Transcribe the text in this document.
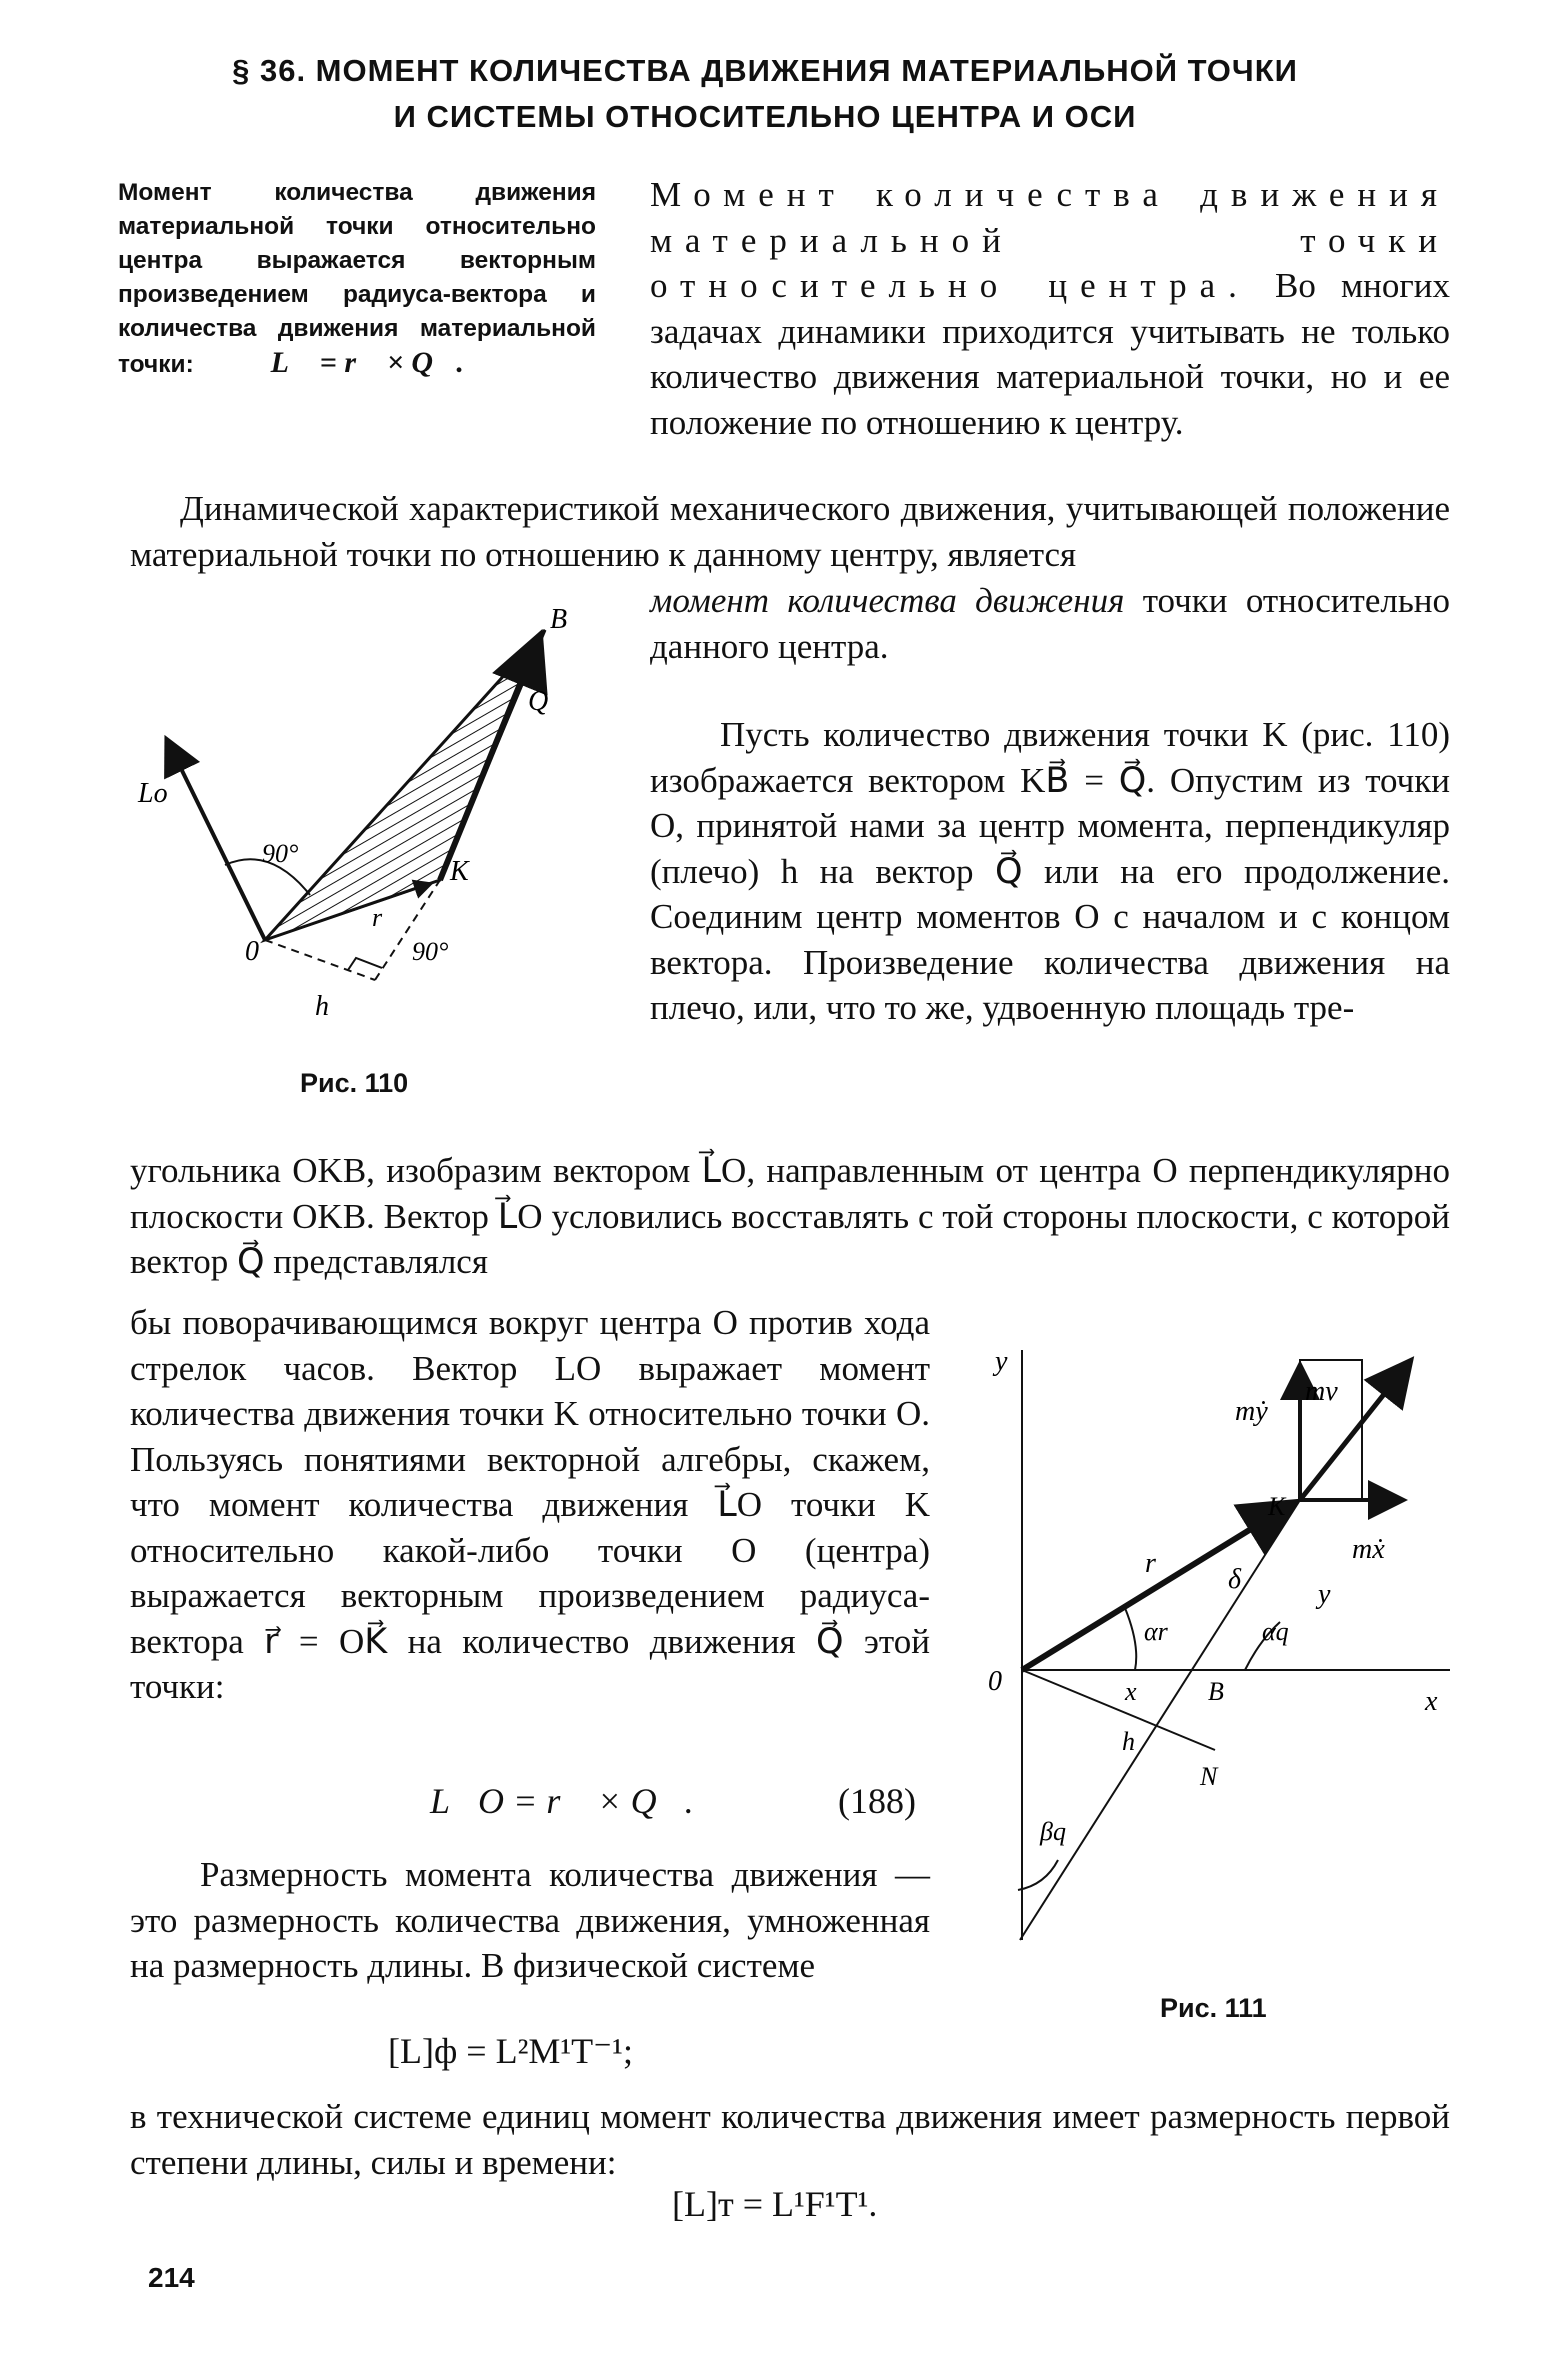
§ 36. МОМЕНТ КОЛИЧЕСТВА ДВИЖЕНИЯ МАТЕРИАЛЬНОЙ ТОЧКИ
И СИСТЕМЫ ОТНОСИТЕЛЬНО ЦЕНТРА И ОСИ
Момент количества движения материальной точки относительно центра выражается векторным произведением радиуса-вектора и количества движения материальной точки:	L⃗ = r⃗ × Q⃗.
Момент количества движения материальной точки относительно центра. Во многих задачах динамики приходится учитывать не только количество движения материальной точки, но и ее положение по отношению к центру.
Динамической характеристикой механического движения, учитывающей положение материальной точки по отношению к данному центру, является
момент количества движения точки относительно данного центра.
Пусть количество движения точки K (рис. 110) изображается вектором KB⃗ = Q⃗. Опустим из точки O, принятой нами за центр момента, перпендикуляр (плечо) h на вектор Q⃗ или на его продолжение. Соединим центр моментов O с началом и с концом вектора. Произведение количества движения на плечо, или, что то же, удвоенную площадь тре-
угольника OKB, изобразим вектором L⃗O, направленным от центра O перпендикулярно плоскости OKB. Вектор L⃗O условились восставлять с той стороны плоскости, с которой вектор Q⃗ представлялся
бы поворачивающимся вокруг центра O против хода стрелок часов. Вектор LO выражает момент количества движения точки K относительно точки O. Пользуясь понятиями векторной алгебры, скажем, что момент количества движения L⃗O точки K относительно какой-либо точки O (центра) выражается векторным произведением радиуса-вектора r⃗ = OK⃗ на количество движения Q⃗ этой точки:
L⃗O = r⃗ × Q⃗.	(188)
Размерность момента количества движения — это размерность количества движения, умноженная на размерность длины. В физической системе
[L]ф = L²M¹T⁻¹;
в технической системе единиц момент количества движения имеет размерность первой степени длины, силы и времени:
[L]т = L¹F¹T¹.
B
Q
Lo
90°
K
r
0	90°
h
Рис. 110
y
x
0
mẏ
mv
K
mẋ
r
δ
αq
αr
y
x	B
h
N
βq
Рис. 111
214
